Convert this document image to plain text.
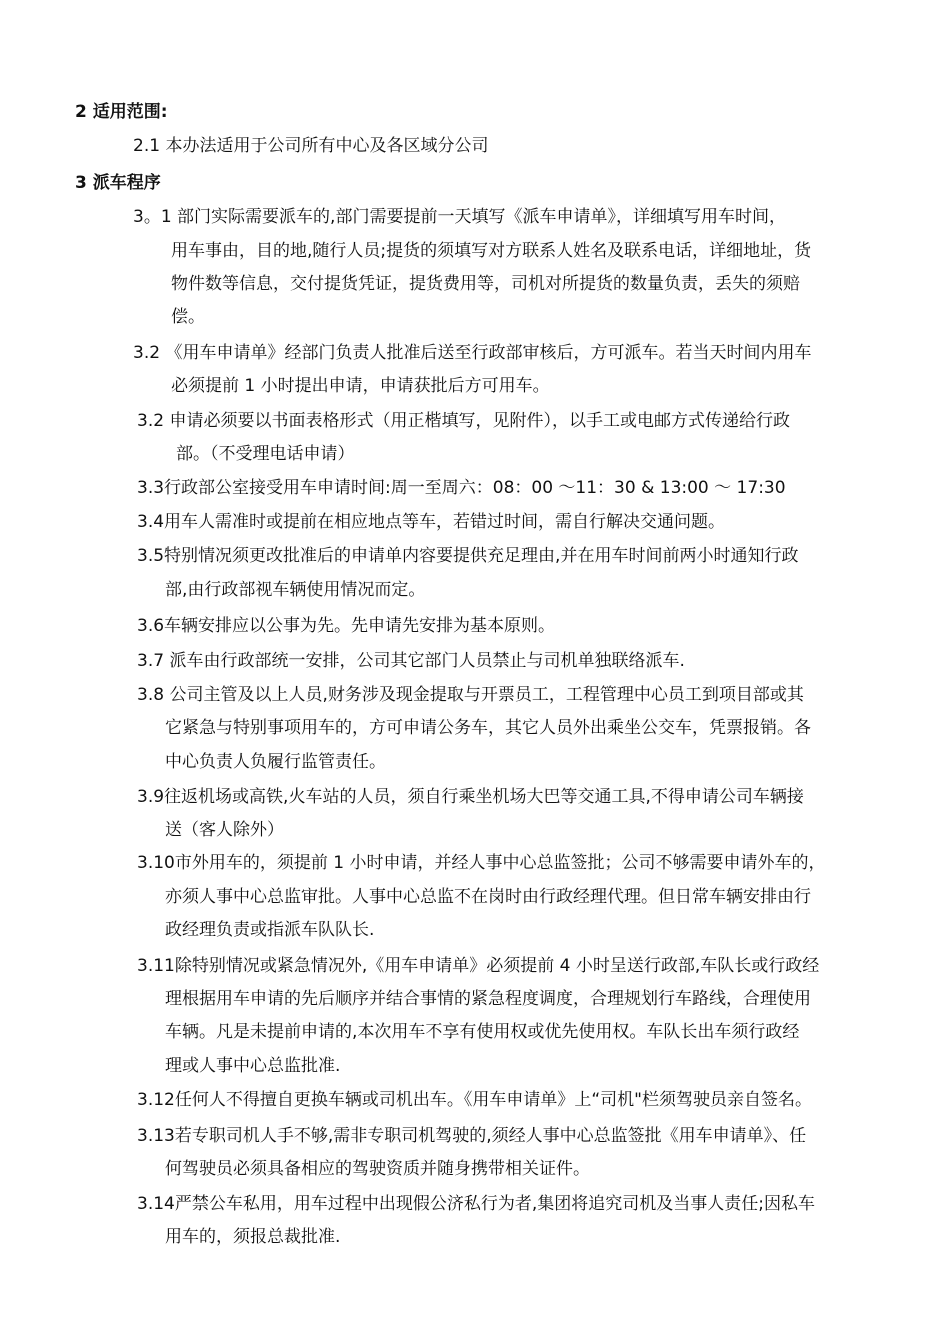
2 适用范围:
2.1 本办法适用于公司所有中心及各区域分公司
3 派车程序
3。1 部门实际需要派车的,部门需要提前一天填写《派车申请单》，详细填写用车时间，
用车事由，目的地,随行人员;提货的须填写对方联系人姓名及联系电话，详细地址，货
物件数等信息，交付提货凭证，提货费用等，司机对所提货的数量负责，丢失的须赔
偿。
3.2 《用车申请单》经部门负责人批准后送至行政部审核后，方可派车。若当天时间内用车
必须提前 1 小时提出申请，申请获批后方可用车。
3.2 申请必须要以书面表格形式（用正楷填写，见附件），以手工或电邮方式传递给行政
部。（不受理电话申请）
3.3行政部公室接受用车申请时间:周一至周六：08：00 ～11：30 & 13:00 ～ 17:30
3.4用车人需准时或提前在相应地点等车，若错过时间，需自行解决交通问题。
3.5特别情况须更改批准后的申请单内容要提供充足理由,并在用车时间前两小时通知行政
部,由行政部视车辆使用情况而定。
3.6车辆安排应以公事为先。先申请先安排为基本原则。
3.7 派车由行政部统一安排，公司其它部门人员禁止与司机单独联络派车.
3.8 公司主管及以上人员,财务涉及现金提取与开票员工，工程管理中心员工到项目部或其
它紧急与特别事项用车的，方可申请公务车，其它人员外出乘坐公交车，凭票报销。各
中心负责人负履行监管责任。
3.9往返机场或高铁,火车站的人员，须自行乘坐机场大巴等交通工具,不得申请公司车辆接
送（客人除外）
3.10市外用车的，须提前 1 小时申请，并经人事中心总监签批；公司不够需要申请外车的，
亦须人事中心总监审批。人事中心总监不在岗时由行政经理代理。但日常车辆安排由行
政经理负责或指派车队队长.
3.11除特别情况或紧急情况外,《用车申请单》必须提前 4 小时呈送行政部,车队长或行政经
理根据用车申请的先后顺序并结合事情的紧急程度调度，合理规划行车路线，合理使用
车辆。凡是未提前申请的,本次用车不享有使用权或优先使用权。车队长出车须行政经
理或人事中心总监批准.
3.12任何人不得擅自更换车辆或司机出车。《用车申请单》上“司机"栏须驾驶员亲自签名。
3.13若专职司机人手不够,需非专职司机驾驶的,须经人事中心总监签批《用车申请单》、任
何驾驶员必须具备相应的驾驶资质并随身携带相关证件。
3.14严禁公车私用，用车过程中出现假公济私行为者,集团将追究司机及当事人责任;因私车
用车的，须报总裁批准.
